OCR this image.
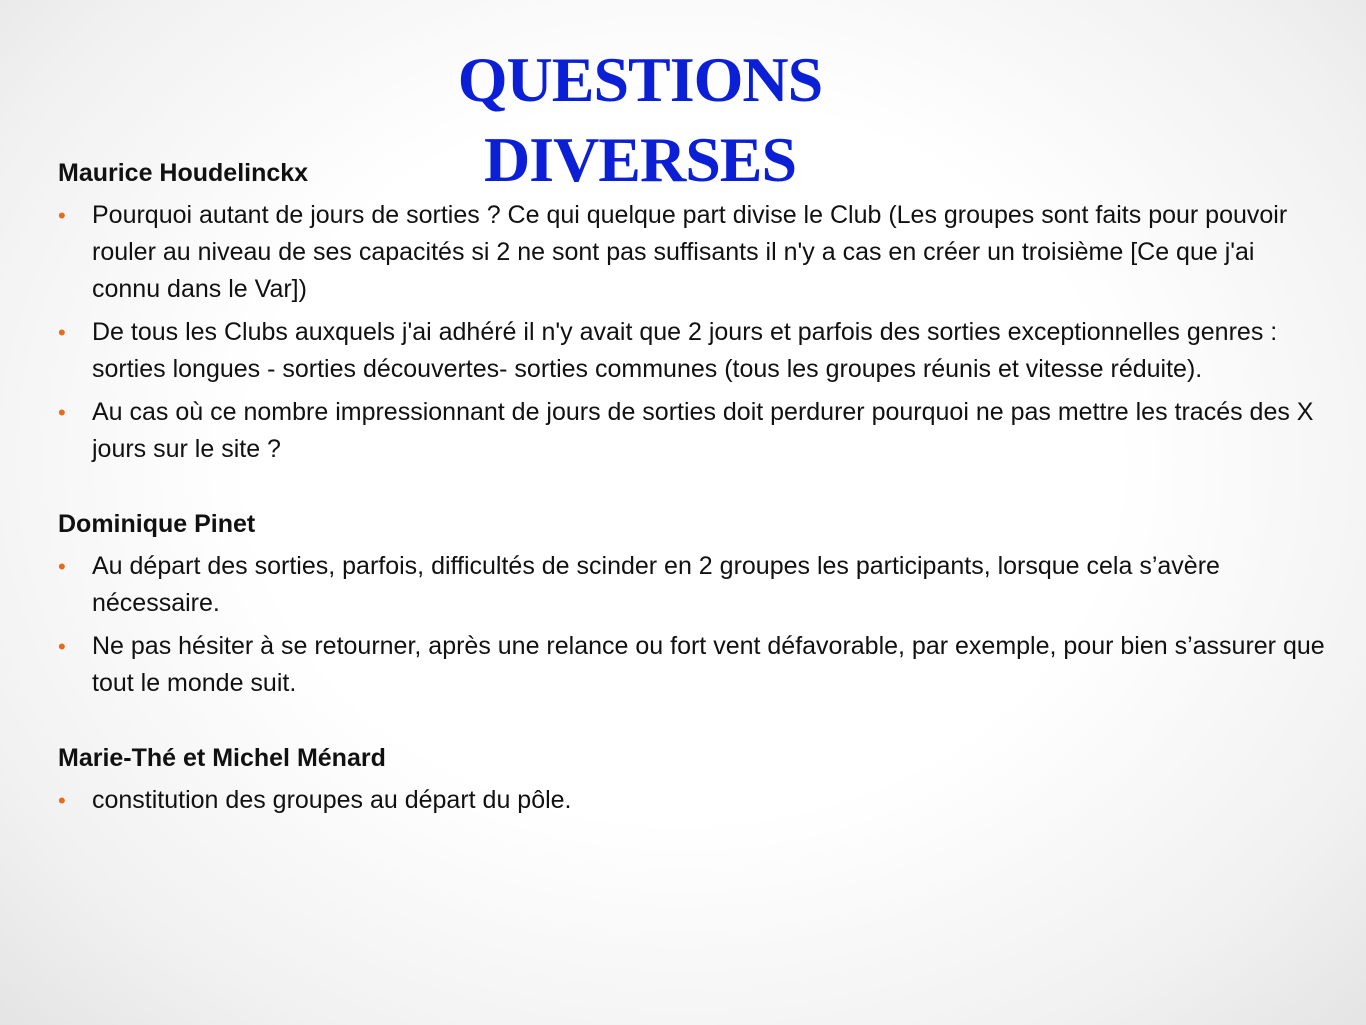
QUESTIONS DIVERSES

Maurice Houdelinckx

• Pourquoi autant de jours de sorties ? Ce qui quelque part divise le Club (Les groupes sont faits pour pouvoir rouler au niveau de ses capacités si 2 ne sont pas suffisants il n'y a cas en créer un troisième [Ce que j'ai connu dans le Var])
• De tous les Clubs auxquels j'ai adhéré il n'y avait que 2 jours et parfois des sorties exceptionnelles genres : sorties longues - sorties découvertes- sorties communes (tous les groupes réunis et vitesse réduite).
• Au cas où ce nombre impressionnant de jours de sorties doit perdurer pourquoi ne pas mettre les tracés des X jours sur le site ?

Dominique Pinet

• Au départ des sorties, parfois, difficultés de scinder en 2 groupes les participants, lorsque cela s’avère nécessaire.
• Ne pas hésiter à se retourner, après une relance ou fort vent défavorable, par exemple, pour bien s’assurer que tout le monde suit.

Marie-Thé et Michel Ménard

• constitution des groupes au départ du pôle.
